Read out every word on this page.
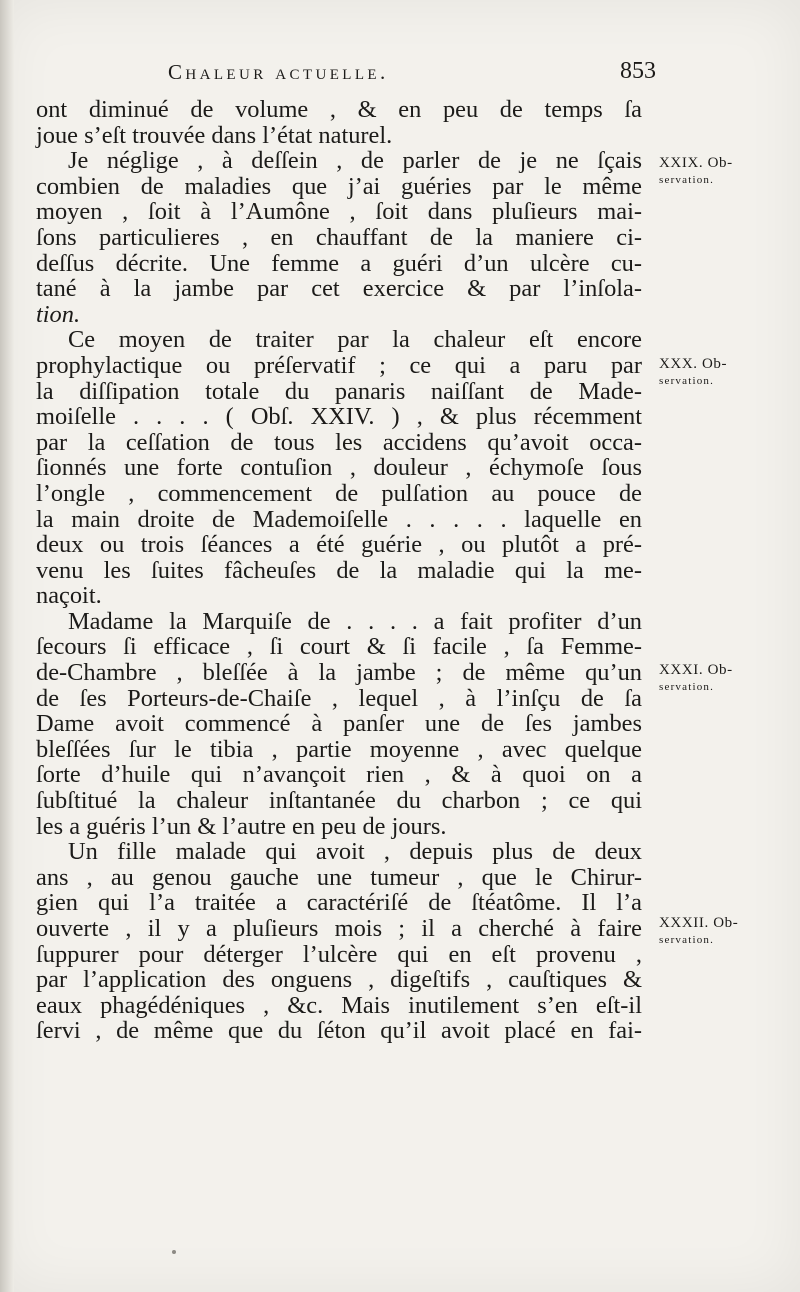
Chaleur actuelle.	853
ont diminué de volume , & en peu de temps ſa
joue s’eſt trouvée dans l’état naturel.
Je néglige , à deſſein , de parler de je ne ſçais
combien de maladies que j’ai guéries par le même
moyen , ſoit à l’Aumône , ſoit dans pluſieurs mai-
ſons particulieres , en chauffant de la maniere ci-
deſſus décrite. Une femme a guéri d’un ulcère cu-
tané à la jambe par cet exercice & par l’inſola-
tion.
Ce moyen de traiter par la chaleur eſt encore
prophylactique ou préſervatif ; ce qui a paru par
la diſſipation totale du panaris naiſſant de Made-
moiſelle . . . . ( Obſ. XXIV. ) , & plus récemment
par la ceſſation de tous les accidens qu’avoit occa-
ſionnés une forte contuſion , douleur , échymoſe ſous
l’ongle , commencement de pulſation au pouce de
la main droite de Mademoiſelle . . . . . laquelle en
deux ou trois ſéances a été guérie , ou plutôt a pré-
venu les ſuites fâcheuſes de la maladie qui la me-
naçoit.
Madame la Marquiſe de . . . . a fait profiter d’un
ſecours ſi efficace , ſi court & ſi facile , ſa Femme-
de-Chambre , bleſſée à la jambe ; de même qu’un
de ſes Porteurs-de-Chaiſe , lequel , à l’inſçu de ſa
Dame avoit commencé à panſer une de ſes jambes
bleſſées ſur le tibia , partie moyenne , avec quelque
ſorte d’huile qui n’avançoit rien , & à quoi on a
ſubſtitué la chaleur inſtantanée du charbon ; ce qui
les a guéris l’un & l’autre en peu de jours.
Un fille malade qui avoit , depuis plus de deux
ans , au genou gauche une tumeur , que le Chirur-
gien qui l’a traitée a caractériſé de ſtéatôme. Il l’a
ouverte , il y a pluſieurs mois ; il a cherché à faire
ſuppurer pour déterger l’ulcère qui en eſt provenu ,
par l’application des onguens , digeſtifs , cauſtiques &
eaux phagédéniques , &c. Mais inutilement s’en eſt-il
ſervi , de même que du ſéton qu’il avoit placé en fai-
XXIX. Ob-
servation.
XXX. Ob-
servation.
XXXI. Ob-
servation.
XXXII. Ob-
servation.
